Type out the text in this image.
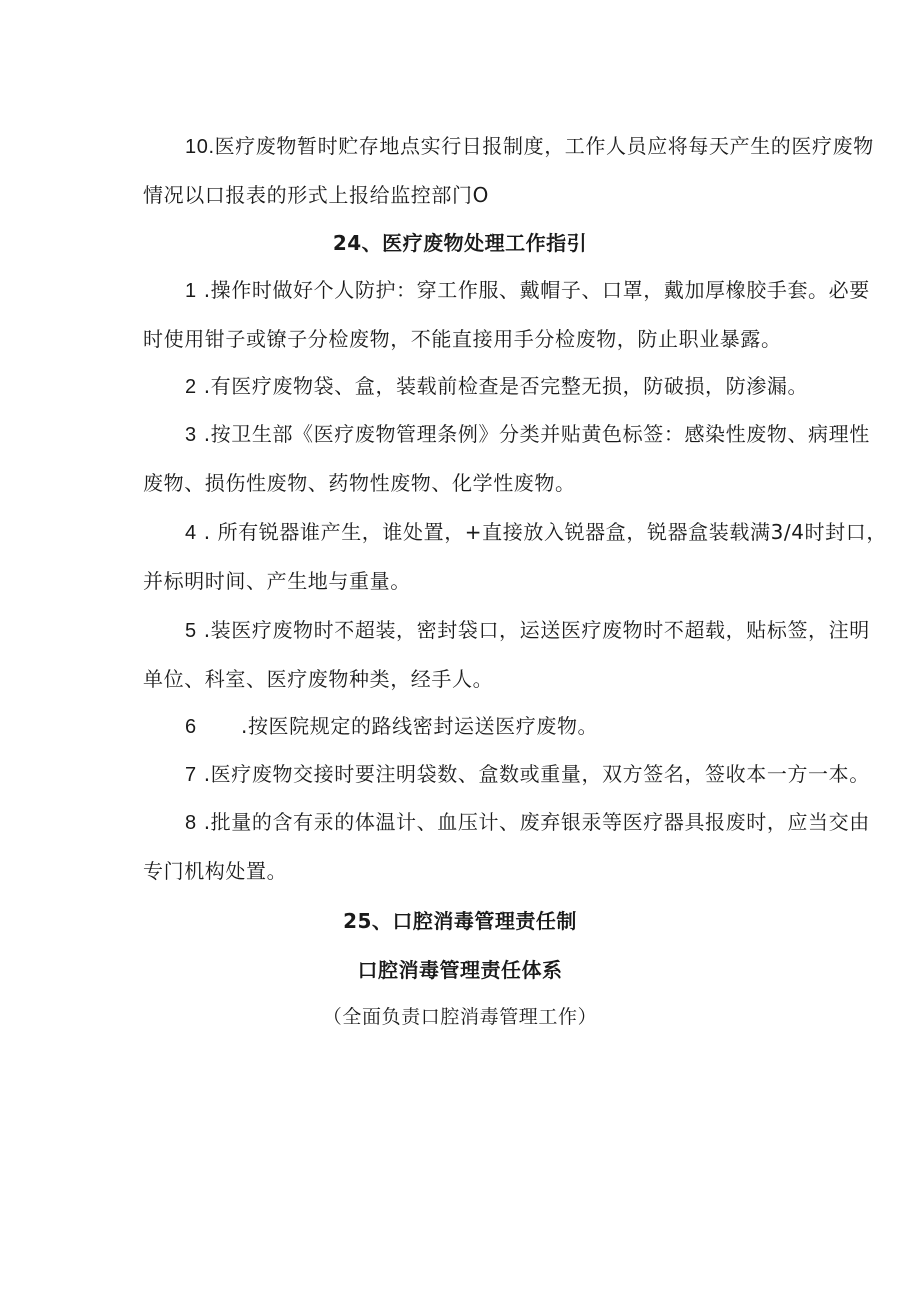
10.医疗废物暂时贮存地点实行日报制度，工作人员应将每天产生的医疗废物情况以口报表的形式上报给监控部门O

24、医疗废物处理工作指引

1 .操作时做好个人防护：穿工作服、戴帽子、口罩，戴加厚橡胶手套。必要时使用钳子或镣子分检废物，不能直接用手分检废物，防止职业暴露。

2 .有医疗废物袋、盒，装载前检查是否完整无损，防破损，防渗漏。

3 .按卫生部《医疗废物管理条例》分类并贴黄色标签：感染性废物、病理性废物、损伤性废物、药物性废物、化学性废物。

4 . 所有锐器谁产生，谁处置，+直接放入锐器盒，锐器盒装载满3/4时封口，并标明时间、产生地与重量。

5 .装医疗废物时不超装，密封袋口，运送医疗废物时不超载，贴标签，注明单位、科室、医疗废物种类，经手人。

6 .按医院规定的路线密封运送医疗废物。

7 .医疗废物交接时要注明袋数、盒数或重量，双方签名，签收本一方一本。

8 .批量的含有汞的体温计、血压计、废弃银汞等医疗器具报废时，应当交由专门机构处置。

25、口腔消毒管理责任制
口腔消毒管理责任体系
（全面负责口腔消毒管理工作）
